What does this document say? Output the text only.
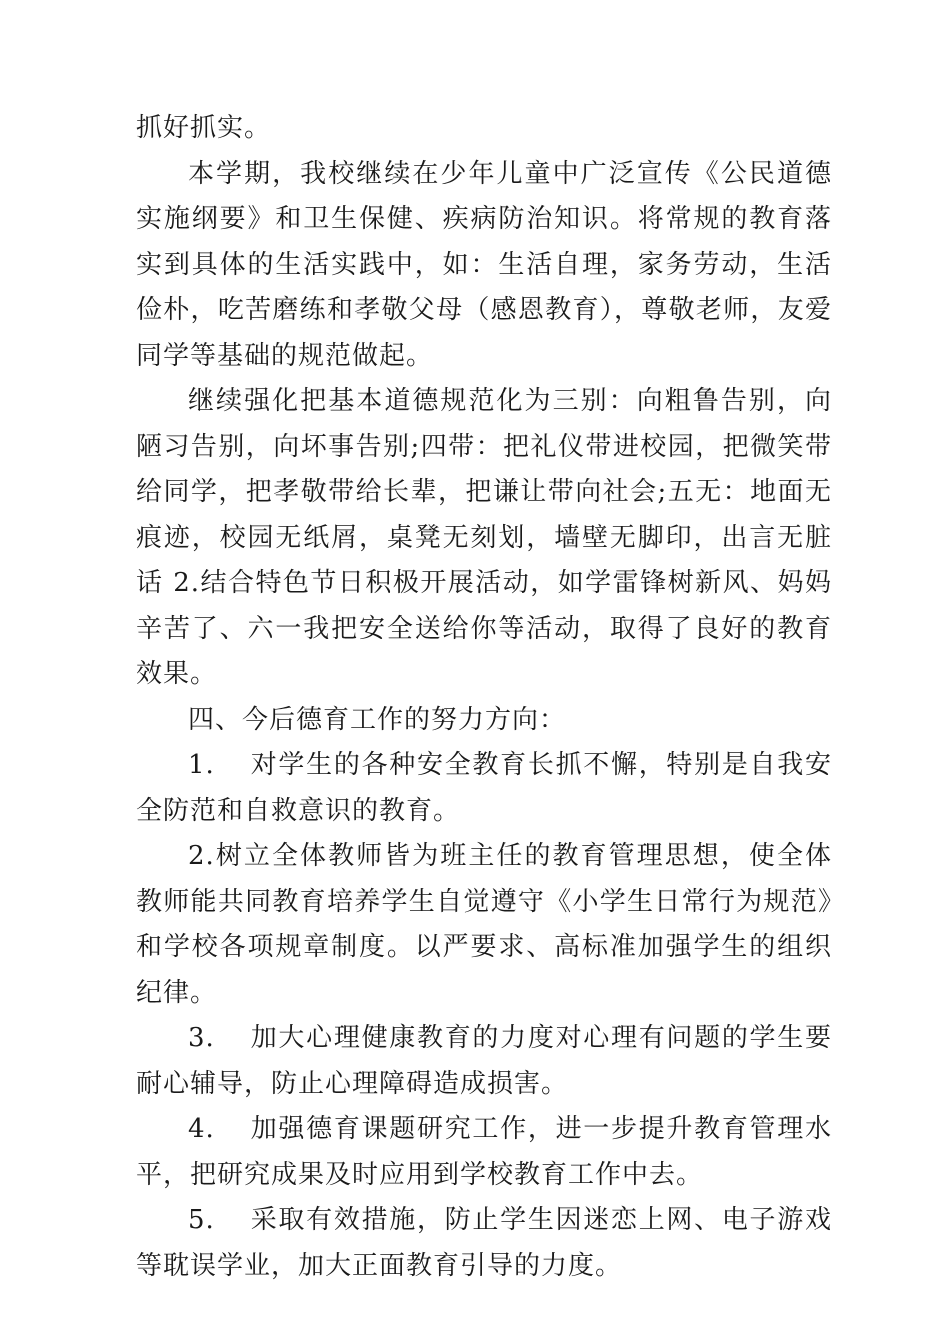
抓好抓实。

本学期，我校继续在少年儿童中广泛宣传《公民道德实施纲要》和卫生保健、疾病防治知识。将常规的教育落实到具体的生活实践中，如：生活自理，家务劳动，生活俭朴，吃苦磨练和孝敬父母（感恩教育），尊敬老师，友爱同学等基础的规范做起。

继续强化把基本道德规范化为三别：向粗鲁告别，向陋习告别，向坏事告别;四带：把礼仪带进校园，把微笑带给同学，把孝敬带给长辈，把谦让带向社会;五无：地面无痕迹，校园无纸屑，桌凳无刻划，墙壁无脚印，出言无脏话 2.结合特色节日积极开展活动，如学雷锋树新风、妈妈辛苦了、六一我把安全送给你等活动，取得了良好的教育效果。

四、今后德育工作的努力方向：

1. 对学生的各种安全教育长抓不懈，特别是自我安全防范和自救意识的教育。

2.树立全体教师皆为班主任的教育管理思想，使全体教师能共同教育培养学生自觉遵守《小学生日常行为规范》和学校各项规章制度。以严要求、高标准加强学生的组织纪律。

3. 加大心理健康教育的力度对心理有问题的学生要耐心辅导，防止心理障碍造成损害。

4. 加强德育课题研究工作，进一步提升教育管理水平，把研究成果及时应用到学校教育工作中去。

5. 采取有效措施，防止学生因迷恋上网、电子游戏等耽误学业，加大正面教育引导的力度。
